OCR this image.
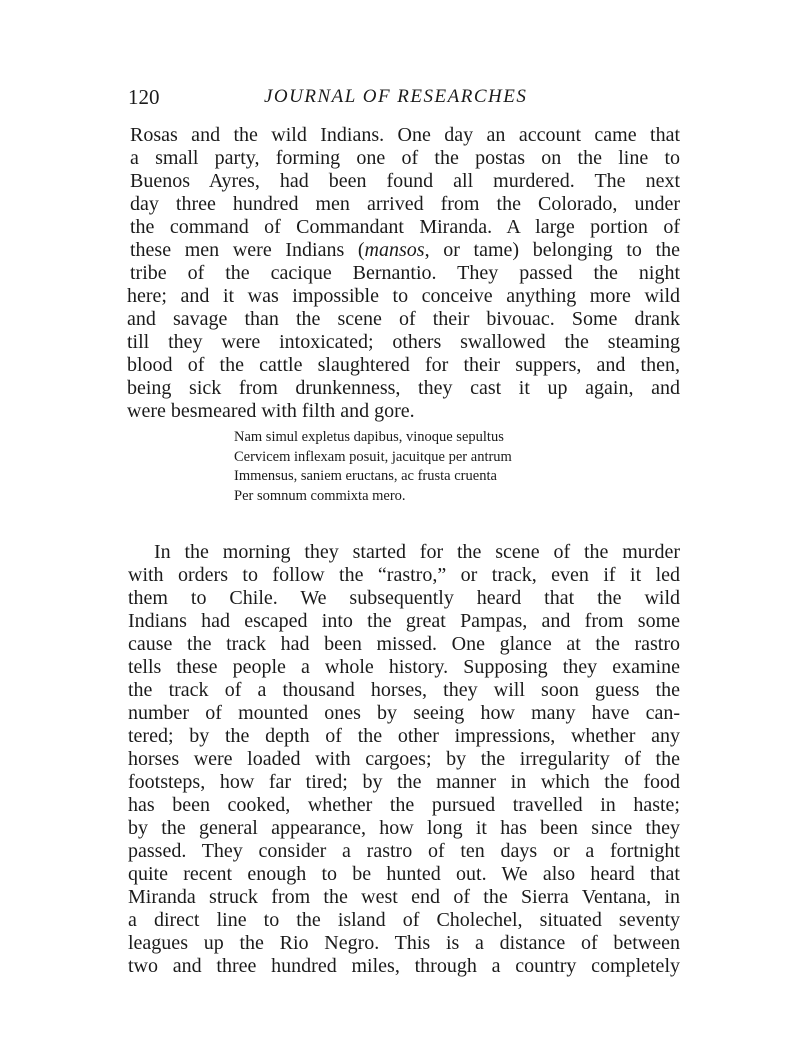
120	JOURNAL OF RESEARCHES
Rosas and the wild Indians. One day an account came that
a small party, forming one of the postas on the line to
Buenos Ayres, had been found all murdered. The next
day three hundred men arrived from the Colorado, under
the command of Commandant Miranda. A large portion of
these men were Indians (mansos, or tame) belonging to the
tribe of the cacique Bernantio. They passed the night
here; and it was impossible to conceive anything more wild
and savage than the scene of their bivouac. Some drank
till they were intoxicated; others swallowed the steaming
blood of the cattle slaughtered for their suppers, and then,
being sick from drunkenness, they cast it up again, and
were besmeared with filth and gore.
Nam simul expletus dapibus, vinoque sepultus
Cervicem inflexam posuit, jacuitque per antrum
Immensus, saniem eructans, ac frusta cruenta
Per somnum commixta mero.
In the morning they started for the scene of the murder
with orders to follow the “rastro,” or track, even if it led
them to Chile. We subsequently heard that the wild
Indians had escaped into the great Pampas, and from some
cause the track had been missed. One glance at the rastro
tells these people a whole history. Supposing they examine
the track of a thousand horses, they will soon guess the
number of mounted ones by seeing how many have can-
tered; by the depth of the other impressions, whether any
horses were loaded with cargoes; by the irregularity of the
footsteps, how far tired; by the manner in which the food
has been cooked, whether the pursued travelled in haste;
by the general appearance, how long it has been since they
passed. They consider a rastro of ten days or a fortnight
quite recent enough to be hunted out. We also heard that
Miranda struck from the west end of the Sierra Ventana, in
a direct line to the island of Cholechel, situated seventy
leagues up the Rio Negro. This is a distance of between
two and three hundred miles, through a country completely
